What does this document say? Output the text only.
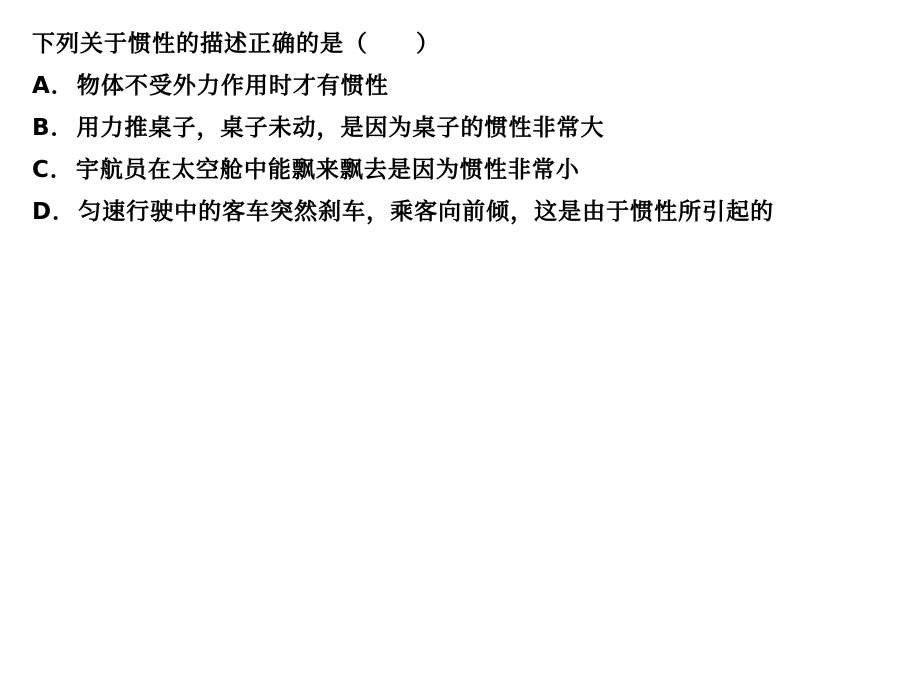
下列关于惯性的描述正确的是（　　）
A．物体不受外力作用时才有惯性
B．用力推桌子，桌子未动，是因为桌子的惯性非常大
C．宇航员在太空舱中能飘来飘去是因为惯性非常小
D．匀速行驶中的客车突然刹车，乘客向前倾，这是由于惯性所引起的
